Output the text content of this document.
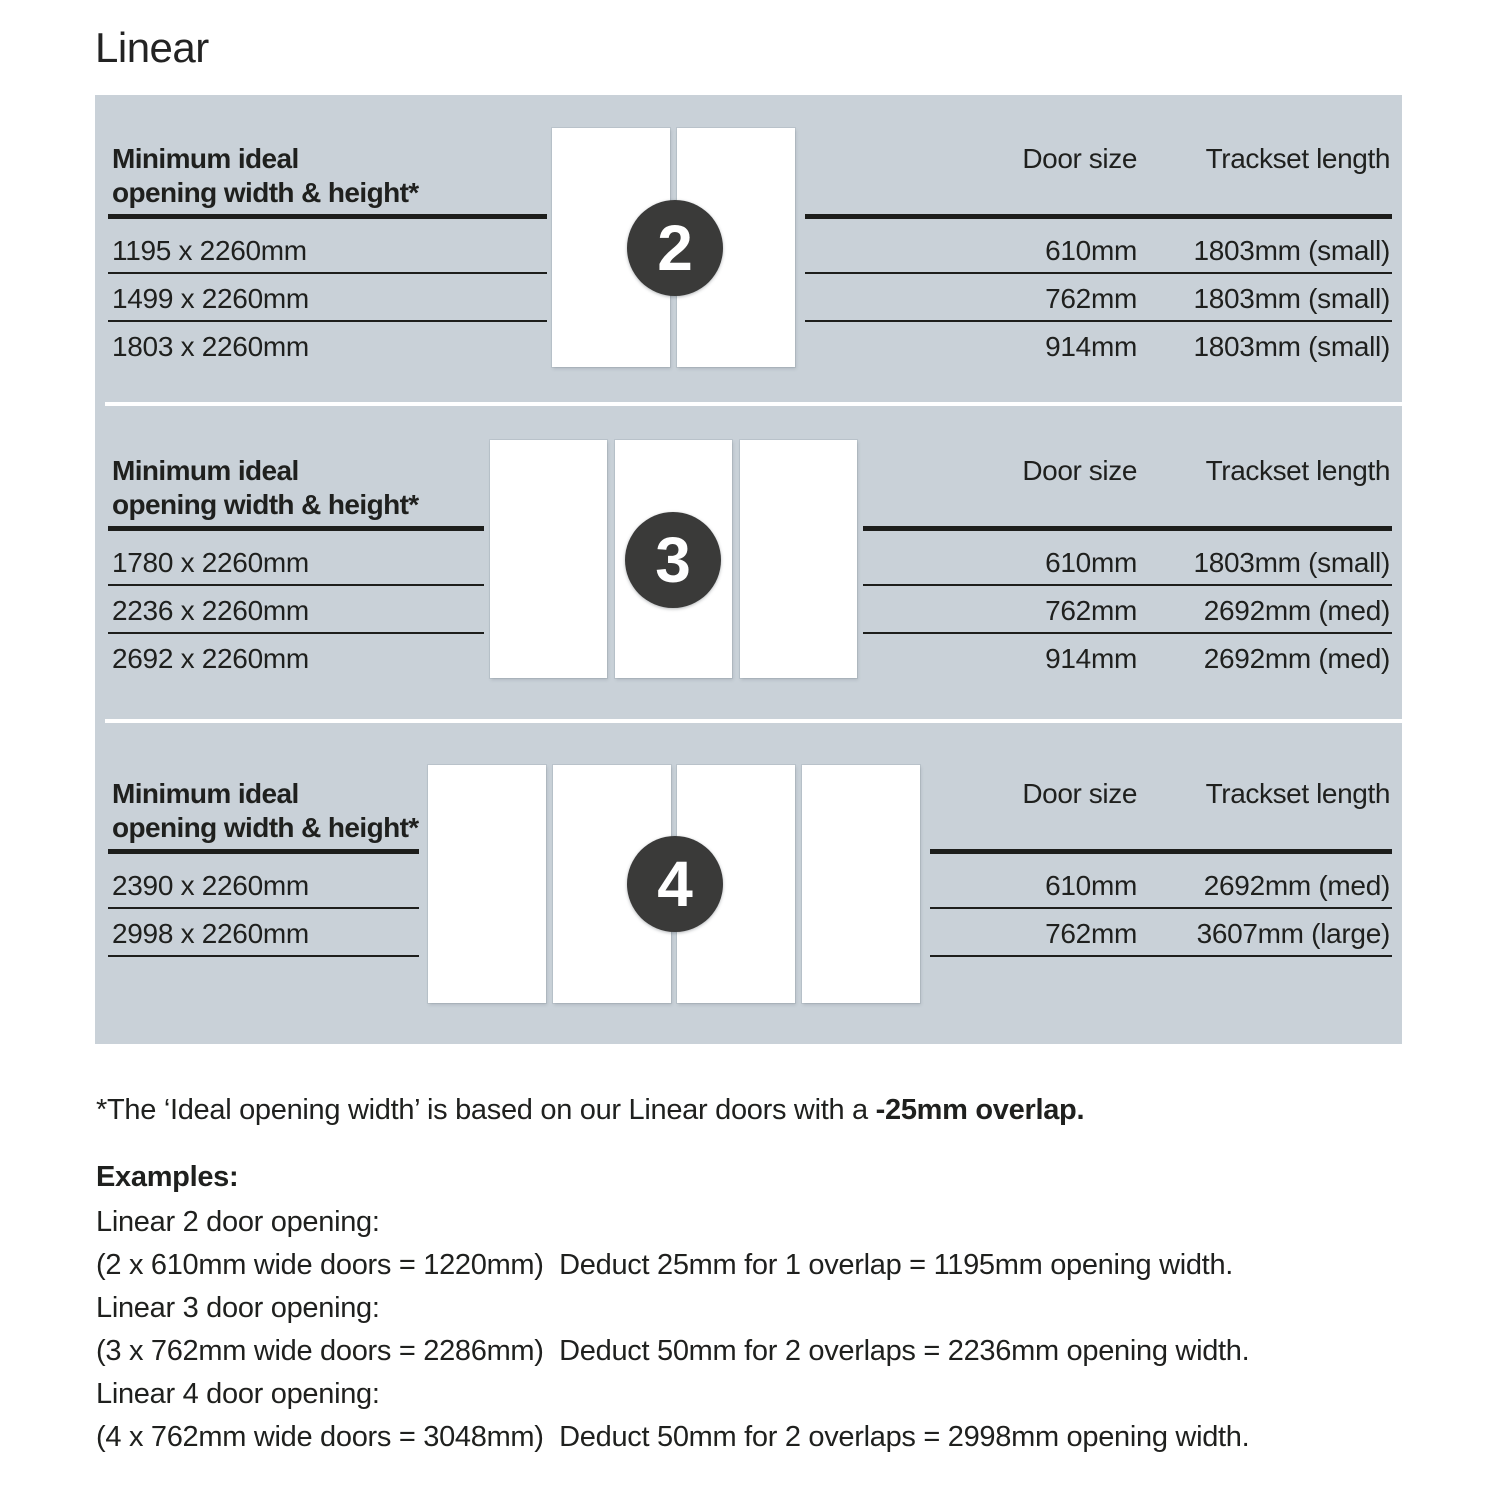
Linear
2
Minimum ideal
opening width & height*
Door size	Trackset length
1195 x 2260mm	610mm	1803mm (small)
1499 x 2260mm	762mm	1803mm (small)
1803 x 2260mm	914mm	1803mm (small)
3
Minimum ideal
opening width & height*
Door size	Trackset length
1780 x 2260mm	610mm	1803mm (small)
2236 x 2260mm	762mm	2692mm (med)
2692 x 2260mm	914mm	2692mm (med)
4
Minimum ideal
opening width & height*
Door size	Trackset length
2390 x 2260mm	610mm	2692mm (med)
2998 x 2260mm	762mm	3607mm (large)
*The ‘Ideal opening width’ is based on our Linear doors with a -25mm overlap.
Examples:
Linear 2 door opening:
(2 x 610mm wide doors = 1220mm)  Deduct 25mm for 1 overlap = 1195mm opening width.
Linear 3 door opening:
(3 x 762mm wide doors = 2286mm)  Deduct 50mm for 2 overlaps = 2236mm opening width.
Linear 4 door opening:
(4 x 762mm wide doors = 3048mm)  Deduct 50mm for 2 overlaps = 2998mm opening width.
